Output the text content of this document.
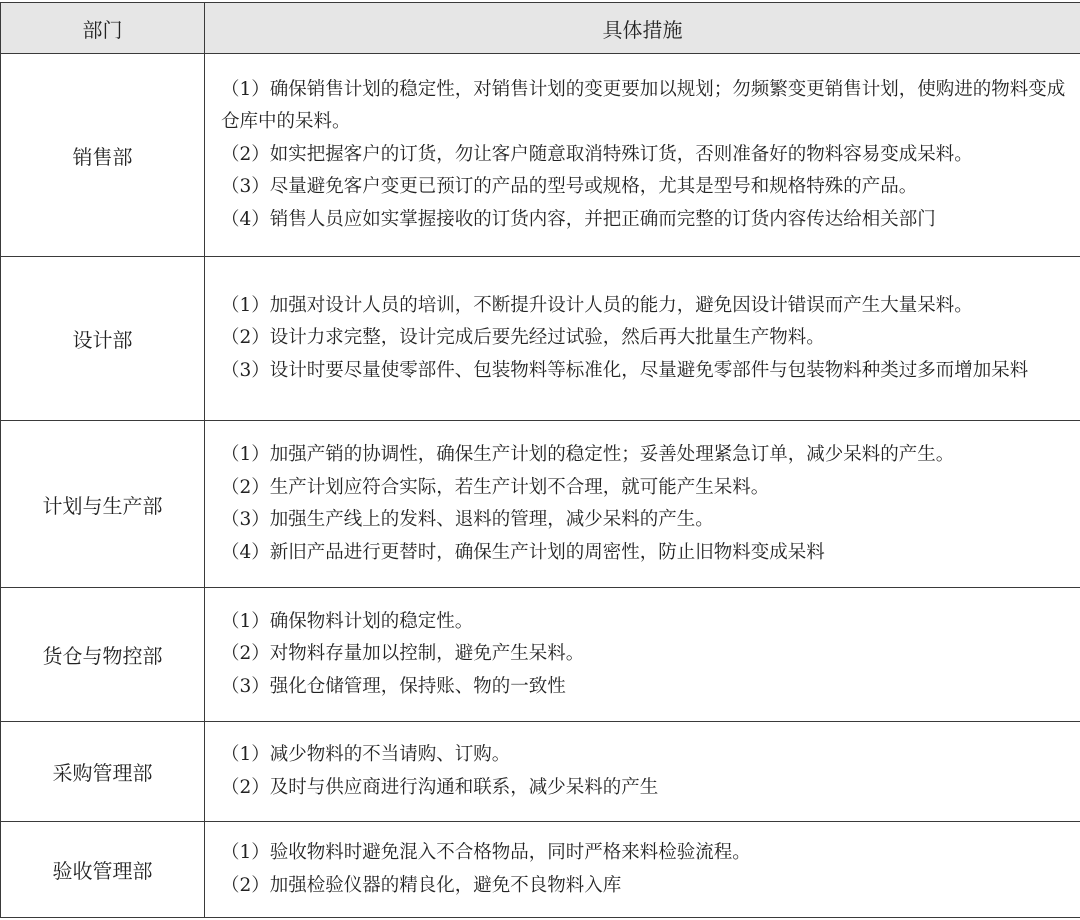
部门	具体措施
销售部	（1）确保销售计划的稳定性，对销售计划的变更要加以规划；勿频繁变更销售计划，使购进的物料变成仓库中的呆料。

（2）如实把握客户的订货，勿让客户随意取消特殊订货，否则准备好的物料容易变成呆料。

（3）尽量避免客户变更已预订的产品的型号或规格，尤其是型号和规格特殊的产品。

（4）销售人员应如实掌握接收的订货内容，并把正确而完整的订货内容传达给相关部门

设计部	（1）加强对设计人员的培训，不断提升设计人员的能力，避免因设计错误而产生大量呆料。

（2）设计力求完整，设计完成后要先经过试验，然后再大批量生产物料。

（3）设计时要尽量使零部件、包装物料等标准化，尽量避免零部件与包装物料种类过多而增加呆料

计划与生产部	（1）加强产销的协调性，确保生产计划的稳定性；妥善处理紧急订单，减少呆料的产生。

（2）生产计划应符合实际，若生产计划不合理，就可能产生呆料。

（3）加强生产线上的发料、退料的管理，减少呆料的产生。

（4）新旧产品进行更替时，确保生产计划的周密性，防止旧物料变成呆料

货仓与物控部	（1）确保物料计划的稳定性。

（2）对物料存量加以控制，避免产生呆料。

（3）强化仓储管理，保持账、物的一致性

采购管理部	（1）减少物料的不当请购、订购。

（2）及时与供应商进行沟通和联系，减少呆料的产生

验收管理部	（1）验收物料时避免混入不合格物品，同时严格来料检验流程。

（2）加强检验仪器的精良化，避免不良物料入库
